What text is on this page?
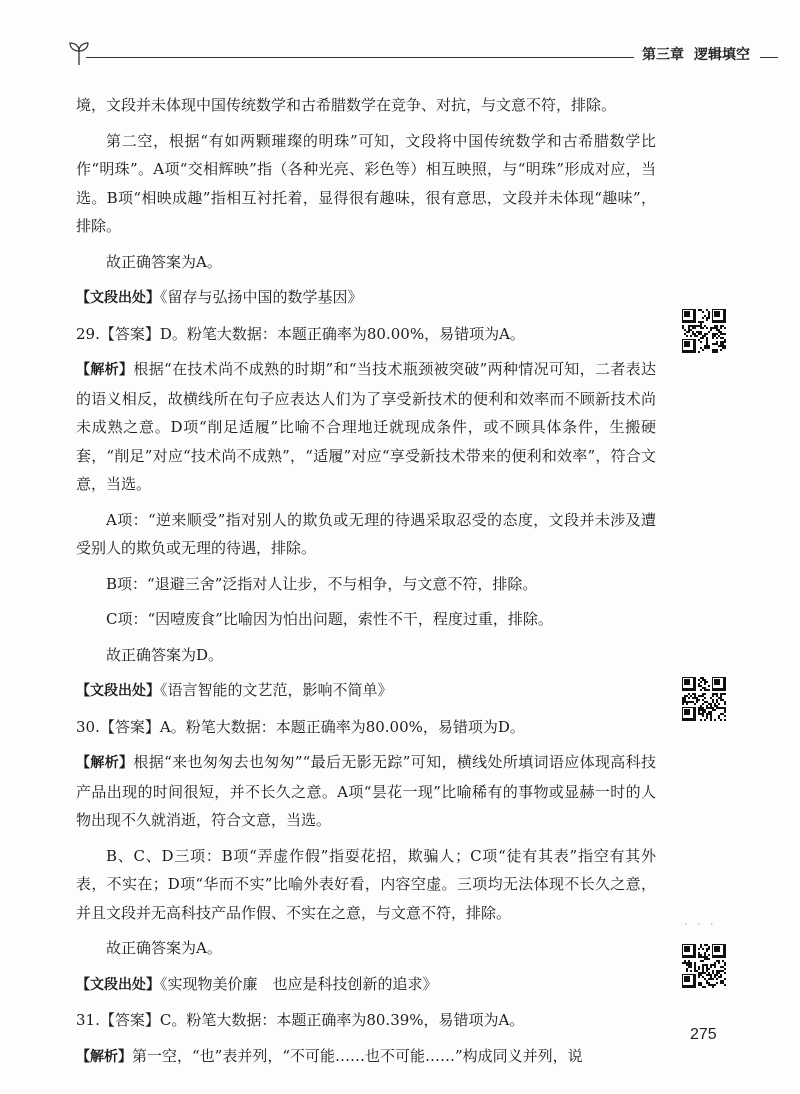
第三章 逻辑填空

境，文段并未体现中国传统数学和古希腊数学在竞争、对抗，与文意不符，排除。

第二空，根据“有如两颗璀璨的明珠”可知，文段将中国传统数学和古希腊数学比作“明珠”。A项“交相辉映”指（各种光亮、彩色等）相互映照，与“明珠”形成对应，当选。B项“相映成趣”指相互衬托着，显得很有趣味，很有意思，文段并未体现“趣味”，排除。

故正确答案为A。

【文段出处】《留存与弘扬中国的数学基因》

29.【答案】D。粉笔大数据：本题正确率为80.00%，易错项为A。

【解析】根据“在技术尚不成熟的时期”和“当技术瓶颈被突破”两种情况可知，二者表达的语义相反，故横线所在句子应表达人们为了享受新技术的便利和效率而不顾新技术尚未成熟之意。D项“削足适履”比喻不合理地迁就现成条件，或不顾具体条件，生搬硬套，“削足”对应“技术尚不成熟”，“适履”对应“享受新技术带来的便利和效率”，符合文意，当选。

A项：“逆来顺受”指对别人的欺负或无理的待遇采取忍受的态度，文段并未涉及遭受别人的欺负或无理的待遇，排除。

B项：“退避三舍”泛指对人让步，不与相争，与文意不符，排除。

C项：“因噎废食”比喻因为怕出问题，索性不干，程度过重，排除。

故正确答案为D。

【文段出处】《语言智能的文艺范，影响不简单》

30.【答案】A。粉笔大数据：本题正确率为80.00%，易错项为D。

【解析】根据“来也匆匆去也匆匆”“最后无影无踪”可知，横线处所填词语应体现高科技产品出现的时间很短，并不长久之意。A项“昙花一现”比喻稀有的事物或显赫一时的人物出现不久就消逝，符合文意，当选。

B、C、D三项：B项“弄虚作假”指耍花招，欺骗人；C项“徒有其表”指空有其外表，不实在；D项“华而不实”比喻外表好看，内容空虚。三项均无法体现不长久之意，并且文段并无高科技产品作假、不实在之意，与文意不符，排除。

故正确答案为A。

【文段出处】《实现物美价廉　也应是科技创新的追求》

31.【答案】C。粉笔大数据：本题正确率为80.39%，易错项为A。

【解析】第一空，“也”表并列，“不可能……也不可能……”构成同义并列，说

· · ·
275
